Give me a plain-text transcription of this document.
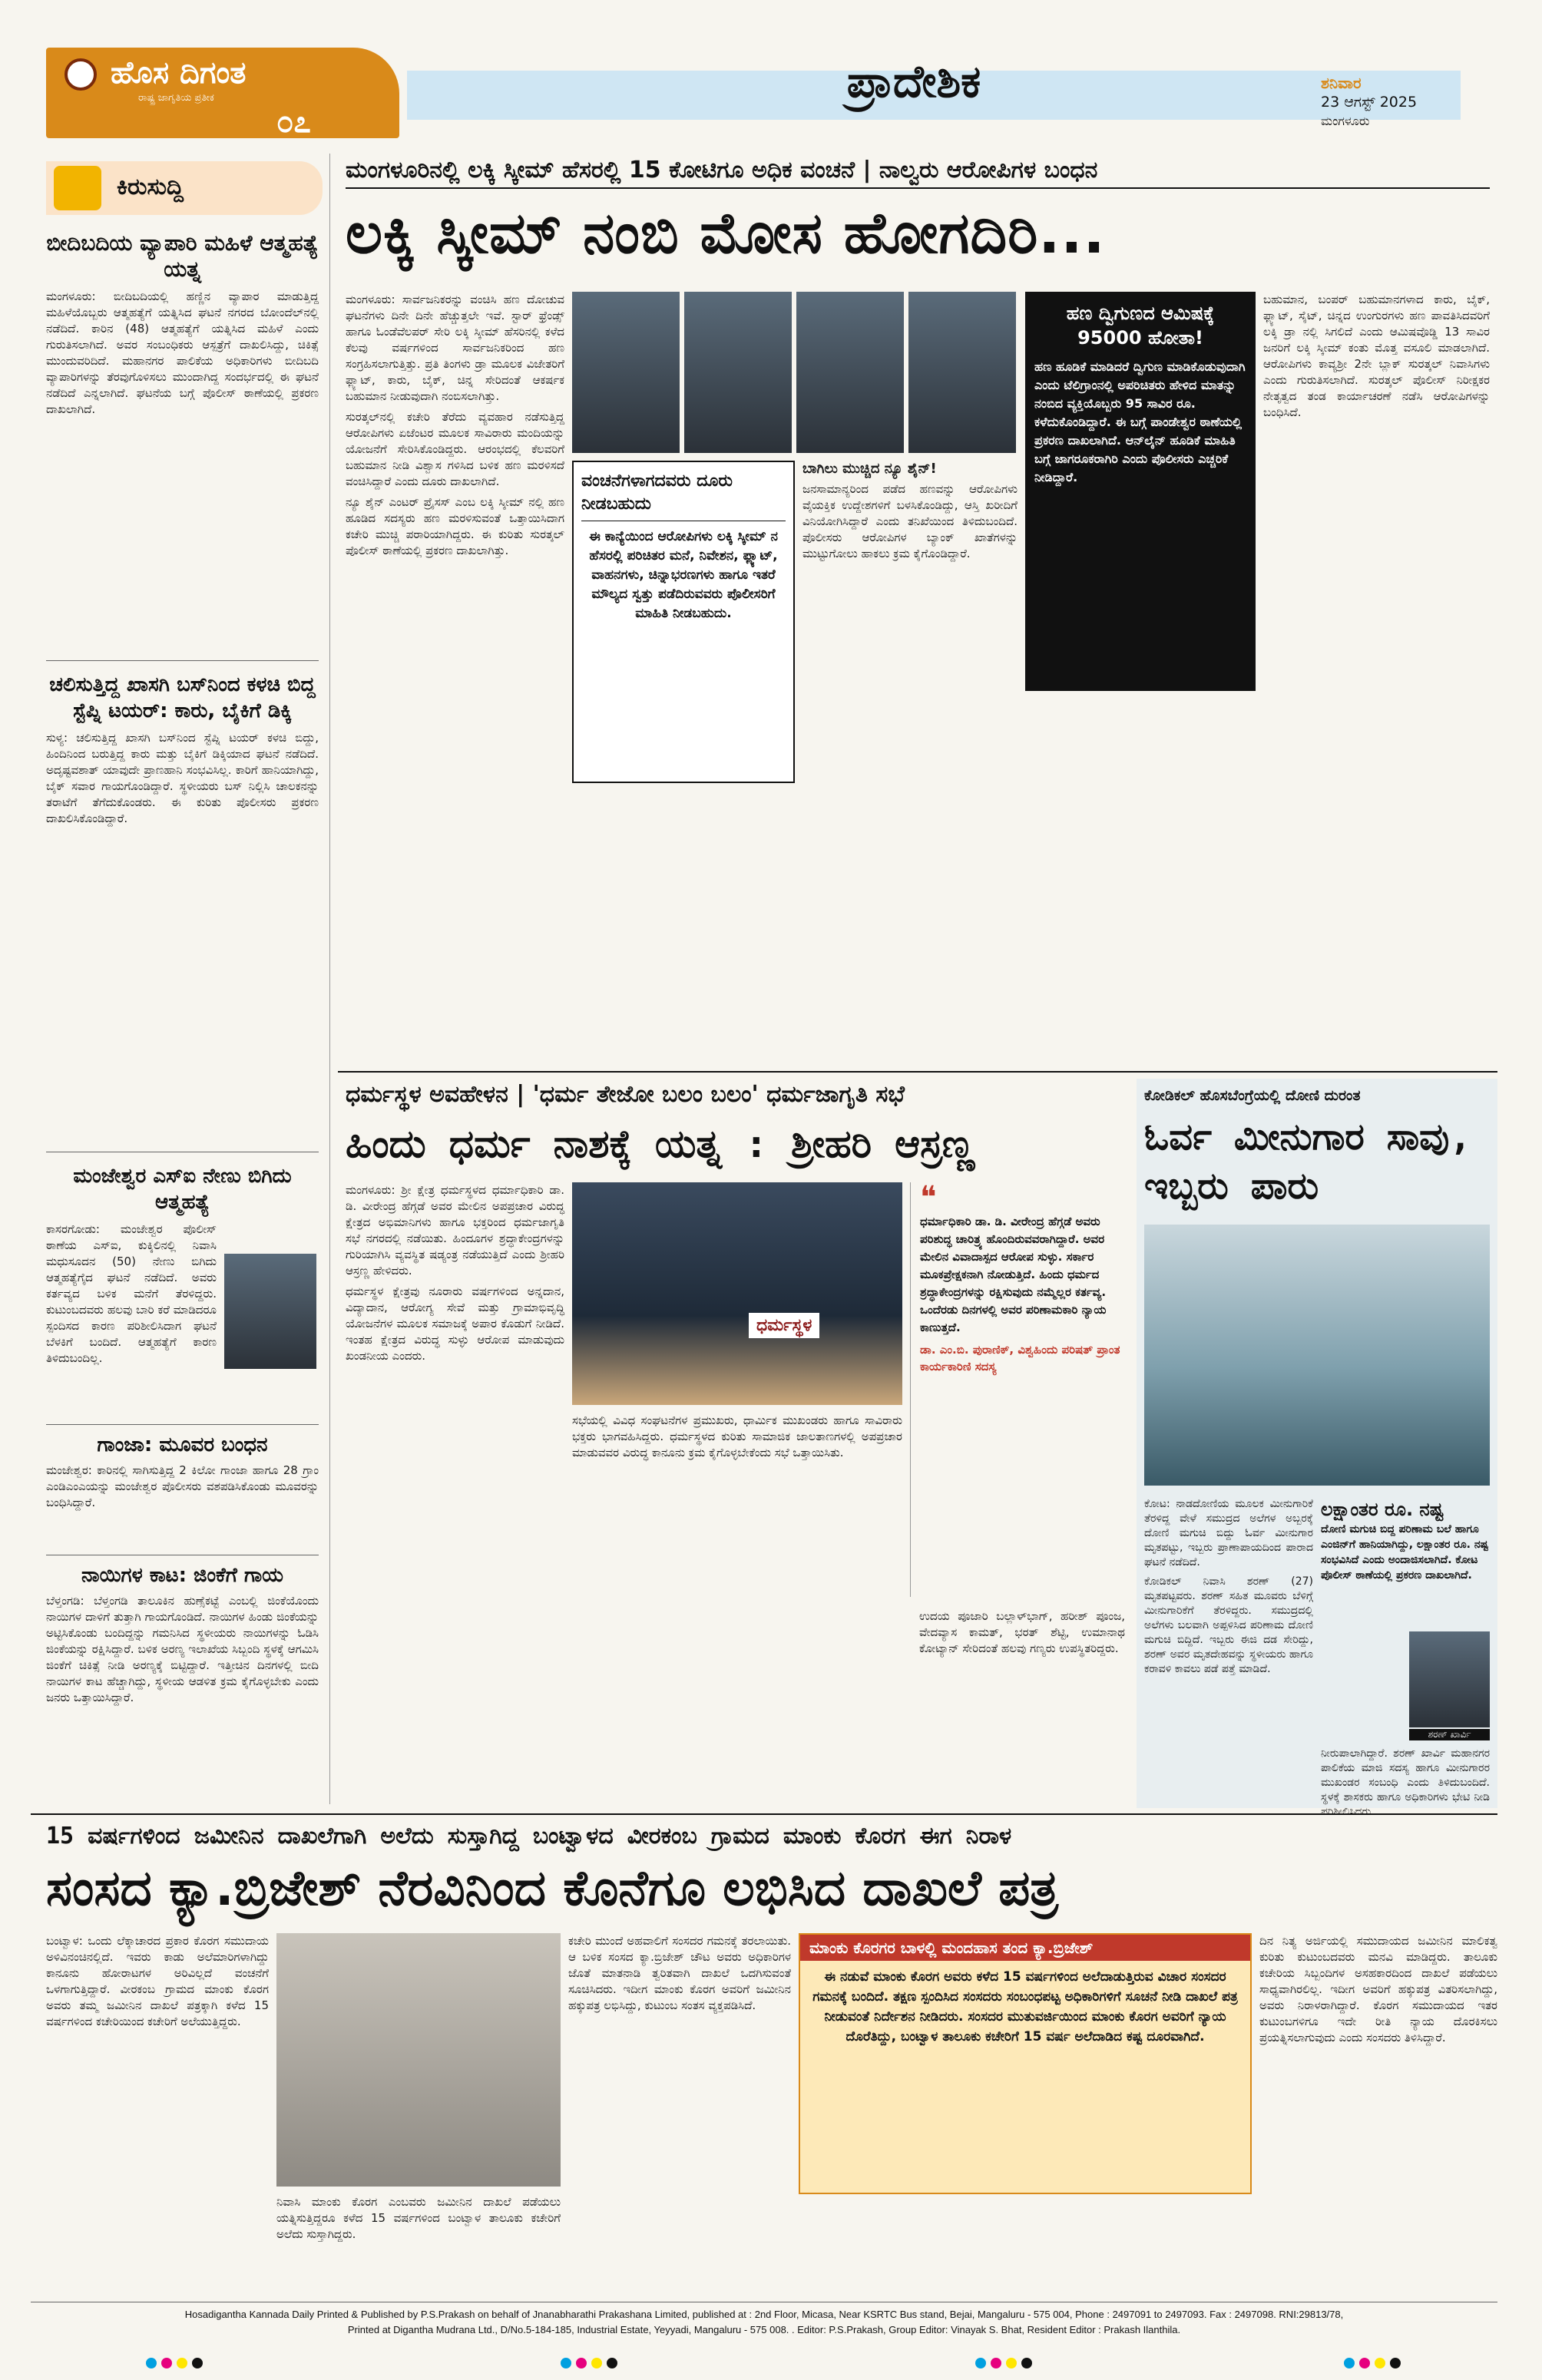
ಹೊಸ ದಿಗಂತ
ರಾಷ್ಟ್ರ ಜಾಗೃತಿಯ ಪ್ರತೀಕ
೦೭
ಪ್ರಾದೇಶಿಕ	ಶನಿವಾರ
23 ಆಗಸ್ಟ್ 2025
ಮಂಗಳೂರು
ಕಿರುಸುದ್ದಿ
ಬೀದಿಬದಿಯ ವ್ಯಾಪಾರಿ ಮಹಿಳೆ ಆತ್ಮಹತ್ಯೆ ಯತ್ನ
ಮಂಗಳೂರು: ಬೀದಿಬದಿಯಲ್ಲಿ ಹಣ್ಣಿನ ವ್ಯಾಪಾರ ಮಾಡುತ್ತಿದ್ದ ಮಹಿಳೆಯೊಬ್ಬರು ಆತ್ಮಹತ್ಯೆಗೆ ಯತ್ನಿಸಿದ ಘಟನೆ ನಗರದ ಬೋಂದೆಲ್‌ನಲ್ಲಿ ನಡೆದಿದೆ. ಕಾರಿನ (48) ಆತ್ಮಹತ್ಯೆಗೆ ಯತ್ನಿಸಿದ ಮಹಿಳೆ ಎಂದು ಗುರುತಿಸಲಾಗಿದೆ. ಅವರ ಸಂಬಂಧಿಕರು ಆಸ್ಪತ್ರೆಗೆ ದಾಖಲಿಸಿದ್ದು, ಚಿಕಿತ್ಸೆ ಮುಂದುವರಿದಿದೆ. ಮಹಾನಗರ ಪಾಲಿಕೆಯ ಅಧಿಕಾರಿಗಳು ಬೀದಿಬದಿ ವ್ಯಾಪಾರಿಗಳನ್ನು ತೆರವುಗೊಳಿಸಲು ಮುಂದಾಗಿದ್ದ ಸಂದರ್ಭದಲ್ಲಿ ಈ ಘಟನೆ ನಡೆದಿದೆ ಎನ್ನಲಾಗಿದೆ. ಘಟನೆಯ ಬಗ್ಗೆ ಪೊಲೀಸ್ ಠಾಣೆಯಲ್ಲಿ ಪ್ರಕರಣ ದಾಖಲಾಗಿದೆ.
ಚಲಿಸುತ್ತಿದ್ದ ಖಾಸಗಿ ಬಸ್‌ನಿಂದ ಕಳಚಿ ಬಿದ್ದ ಸ್ಟೆಪ್ನಿ ಟಯರ್: ಕಾರು, ಬೈಕಿಗೆ ಡಿಕ್ಕಿ
ಸುಳ್ಯ: ಚಲಿಸುತ್ತಿದ್ದ ಖಾಸಗಿ ಬಸ್‌ನಿಂದ ಸ್ಟೆಪ್ನಿ ಟಯರ್ ಕಳಚಿ ಬಿದ್ದು, ಹಿಂದಿನಿಂದ ಬರುತ್ತಿದ್ದ ಕಾರು ಮತ್ತು ಬೈಕಿಗೆ ಡಿಕ್ಕಿಯಾದ ಘಟನೆ ನಡೆದಿದೆ. ಅದೃಷ್ಟವಶಾತ್ ಯಾವುದೇ ಪ್ರಾಣಹಾನಿ ಸಂಭವಿಸಿಲ್ಲ. ಕಾರಿಗೆ ಹಾನಿಯಾಗಿದ್ದು, ಬೈಕ್ ಸವಾರ ಗಾಯಗೊಂಡಿದ್ದಾರೆ. ಸ್ಥಳೀಯರು ಬಸ್ ನಿಲ್ಲಿಸಿ ಚಾಲಕನನ್ನು ತರಾಟೆಗೆ ತೆಗೆದುಕೊಂಡರು. ಈ ಕುರಿತು ಪೊಲೀಸರು ಪ್ರಕರಣ ದಾಖಲಿಸಿಕೊಂಡಿದ್ದಾರೆ.
ಮಂಜೇಶ್ವರ ಎಸ್‌ಐ ನೇಣು ಬಿಗಿದು ಆತ್ಮಹತ್ಯೆ
ಕಾಸರಗೋಡು: ಮಂಜೇಶ್ವರ ಪೊಲೀಸ್ ಠಾಣೆಯ ಎಸ್‌ಐ, ಕುಕ್ಕಿಲಿನಲ್ಲಿ ನಿವಾಸಿ ಮಧುಸೂದನ (50) ನೇಣು ಬಿಗಿದು ಆತ್ಮಹತ್ಯೆಗೈದ ಘಟನೆ ನಡೆದಿದೆ. ಅವರು ಕರ್ತವ್ಯದ ಬಳಿಕ ಮನೆಗೆ ತೆರಳಿದ್ದರು. ಕುಟುಂಬದವರು ಹಲವು ಬಾರಿ ಕರೆ ಮಾಡಿದರೂ ಸ್ಪಂದಿಸದ ಕಾರಣ ಪರಿಶೀಲಿಸಿದಾಗ ಘಟನೆ ಬೆಳಕಿಗೆ ಬಂದಿದೆ. ಆತ್ಮಹತ್ಯೆಗೆ ಕಾರಣ ತಿಳಿದುಬಂದಿಲ್ಲ.
ಗಾಂಜಾ: ಮೂವರ ಬಂಧನ
ಮಂಜೇಶ್ವರ: ಕಾರಿನಲ್ಲಿ ಸಾಗಿಸುತ್ತಿದ್ದ 2 ಕಿಲೋ ಗಾಂಜಾ ಹಾಗೂ 28 ಗ್ರಾಂ ಎಂಡಿಎಂಎಯನ್ನು ಮಂಜೇಶ್ವರ ಪೊಲೀಸರು ವಶಪಡಿಸಿಕೊಂಡು ಮೂವರನ್ನು ಬಂಧಿಸಿದ್ದಾರೆ.
ನಾಯಿಗಳ ಕಾಟ: ಜಿಂಕೆಗೆ ಗಾಯ
ಬೆಳ್ತಂಗಡಿ: ಬೆಳ್ತಂಗಡಿ ತಾಲೂಕಿನ ಹುಣ್ಸೆಕಟ್ಟೆ ಎಂಬಲ್ಲಿ ಜಿಂಕೆಯೊಂದು ನಾಯಿಗಳ ದಾಳಿಗೆ ತುತ್ತಾಗಿ ಗಾಯಗೊಂಡಿದೆ. ನಾಯಿಗಳ ಹಿಂಡು ಜಿಂಕೆಯನ್ನು ಅಟ್ಟಿಸಿಕೊಂಡು ಬಂದಿದ್ದನ್ನು ಗಮನಿಸಿದ ಸ್ಥಳೀಯರು ನಾಯಿಗಳನ್ನು ಓಡಿಸಿ ಜಿಂಕೆಯನ್ನು ರಕ್ಷಿಸಿದ್ದಾರೆ. ಬಳಿಕ ಅರಣ್ಯ ಇಲಾಖೆಯ ಸಿಬ್ಬಂದಿ ಸ್ಥಳಕ್ಕೆ ಆಗಮಿಸಿ ಜಿಂಕೆಗೆ ಚಿಕಿತ್ಸೆ ನೀಡಿ ಅರಣ್ಯಕ್ಕೆ ಬಿಟ್ಟಿದ್ದಾರೆ. ಇತ್ತೀಚಿನ ದಿನಗಳಲ್ಲಿ ಬೀದಿ ನಾಯಿಗಳ ಕಾಟ ಹೆಚ್ಚಾಗಿದ್ದು, ಸ್ಥಳೀಯ ಆಡಳಿತ ಕ್ರಮ ಕೈಗೊಳ್ಳಬೇಕು ಎಂದು ಜನರು ಒತ್ತಾಯಿಸಿದ್ದಾರೆ.
ಮಂಗಳೂರಿನಲ್ಲಿ ಲಕ್ಕಿ ಸ್ಕೀಮ್ ಹೆಸರಲ್ಲಿ 15 ಕೋಟಿಗೂ ಅಧಿಕ ವಂಚನೆ | ನಾಲ್ವರು ಆರೋಪಿಗಳ ಬಂಧನ
ಲಕ್ಕಿ ಸ್ಕೀಮ್ ನಂಬಿ ಮೋಸ ಹೋಗದಿರಿ...

ಮಂಗಳೂರು: ಸಾರ್ವಜನಿಕರನ್ನು ವಂಚಿಸಿ ಹಣ ದೋಚುವ ಘಟನೆಗಳು ದಿನೇ ದಿನೇ ಹೆಚ್ಚುತ್ತಲೇ ಇವೆ. ಸ್ಟಾರ್ ಫ್ರೆಂಡ್ಸ್ ಹಾಗೂ ಓಂಡೆವೆಲಪರ್ ಸೇರಿ ಲಕ್ಕಿ ಸ್ಕೀಮ್ ಹೆಸರಿನಲ್ಲಿ ಕಳೆದ ಕೆಲವು ವರ್ಷಗಳಿಂದ ಸಾರ್ವಜನಿಕರಿಂದ ಹಣ ಸಂಗ್ರಹಿಸಲಾಗುತ್ತಿತ್ತು. ಪ್ರತಿ ತಿಂಗಳು ಡ್ರಾ ಮೂಲಕ ವಿಜೇತರಿಗೆ ಫ್ಲ್ಯಾಟ್, ಕಾರು, ಬೈಕ್, ಚಿನ್ನ ಸೇರಿದಂತೆ ಆಕರ್ಷಕ ಬಹುಮಾನ ನೀಡುವುದಾಗಿ ನಂಬಿಸಲಾಗಿತ್ತು.

ಸುರತ್ಕಲ್‌ನಲ್ಲಿ ಕಚೇರಿ ತೆರೆದು ವ್ಯವಹಾರ ನಡೆಸುತ್ತಿದ್ದ ಆರೋಪಿಗಳು ಏಜೆಂಟರ ಮೂಲಕ ಸಾವಿರಾರು ಮಂದಿಯನ್ನು ಯೋಜನೆಗೆ ಸೇರಿಸಿಕೊಂಡಿದ್ದರು. ಆರಂಭದಲ್ಲಿ ಕೆಲವರಿಗೆ ಬಹುಮಾನ ನೀಡಿ ವಿಶ್ವಾಸ ಗಳಿಸಿದ ಬಳಿಕ ಹಣ ಮರಳಿಸದೆ ವಂಚಿಸಿದ್ದಾರೆ ಎಂದು ದೂರು ದಾಖಲಾಗಿದೆ.

ನ್ಯೂ ಶೈನ್ ಎಂಟರ್ ಪ್ರೈಸಸ್ ಎಂಬ ಲಕ್ಕಿ ಸ್ಕೀಮ್ ನಲ್ಲಿ ಹಣ ಹೂಡಿದ ಸದಸ್ಯರು ಹಣ ಮರಳಿಸುವಂತೆ ಒತ್ತಾಯಿಸಿದಾಗ ಕಚೇರಿ ಮುಚ್ಚಿ ಪರಾರಿಯಾಗಿದ್ದರು. ಈ ಕುರಿತು ಸುರತ್ಕಲ್ ಪೊಲೀಸ್ ಠಾಣೆಯಲ್ಲಿ ಪ್ರಕರಣ ದಾಖಲಾಗಿತ್ತು.

ವಂಚನೆಗಳಾಗದವರು ದೂರು ನೀಡಬಹುದು
ಈ ಕಾನ್ಯೆಯಿಂದ ಆರೋಪಿಗಳು ಲಕ್ಕಿ ಸ್ಕೀಮ್ ನ ಹೆಸರಲ್ಲಿ ಪರಿಚಿತರ ಮನೆ, ನಿವೇಶನ, ಫ್ಲ್ಯಾಟ್, ವಾಹನಗಳು, ಚಿನ್ನಾಭರಣಗಳು ಹಾಗೂ ಇತರೆ ಮೌಲ್ಯದ ಸ್ವತ್ತು ಪಡೆದಿರುವವರು ಪೊಲೀಸರಿಗೆ ಮಾಹಿತಿ ನೀಡಬಹುದು.

ಬಾಗಿಲು ಮುಚ್ಚಿದ ನ್ಯೂ ಶೈನ್!

ಜನಸಾಮಾನ್ಯರಿಂದ ಪಡೆದ ಹಣವನ್ನು ಆರೋಪಿಗಳು ವೈಯಕ್ತಿಕ ಉದ್ದೇಶಗಳಿಗೆ ಬಳಸಿಕೊಂಡಿದ್ದು, ಆಸ್ತಿ ಖರೀದಿಗೆ ವಿನಿಯೋಗಿಸಿದ್ದಾರೆ ಎಂದು ತನಿಖೆಯಿಂದ ತಿಳಿದುಬಂದಿದೆ. ಪೊಲೀಸರು ಆರೋಪಿಗಳ ಬ್ಯಾಂಕ್ ಖಾತೆಗಳನ್ನು ಮುಟ್ಟುಗೋಲು ಹಾಕಲು ಕ್ರಮ ಕೈಗೊಂಡಿದ್ದಾರೆ.

ಹಣ ದ್ವಿಗುಣದ ಆಮಿಷಕ್ಕೆ 95000 ಹೋತಾ!
ಹಣ ಹೂಡಿಕೆ ಮಾಡಿದರೆ ದ್ವಿಗುಣ ಮಾಡಿಕೊಡುವುದಾಗಿ ಎಂದು ಟೆಲಿಗ್ರಾಂನಲ್ಲಿ ಅಪರಿಚಿತರು ಹೇಳಿದ ಮಾತನ್ನು ನಂಬಿದ ವ್ಯಕ್ತಿಯೊಬ್ಬರು 95 ಸಾವಿರ ರೂ. ಕಳೆದುಕೊಂಡಿದ್ದಾರೆ. ಈ ಬಗ್ಗೆ ಪಾಂಡೇಶ್ವರ ಠಾಣೆಯಲ್ಲಿ ಪ್ರಕರಣ ದಾಖಲಾಗಿದೆ. ಆನ್‌ಲೈನ್ ಹೂಡಿಕೆ ಮಾಹಿತಿ ಬಗ್ಗೆ ಜಾಗರೂಕರಾಗಿರಿ ಎಂದು ಪೊಲೀಸರು ಎಚ್ಚರಿಕೆ ನೀಡಿದ್ದಾರೆ.

ಬಹುಮಾನ, ಬಂಪರ್ ಬಹುಮಾನಗಳಾದ ಕಾರು, ಬೈಕ್, ಫ್ಲ್ಯಾಟ್, ಸೈಟ್, ಚಿನ್ನದ ಉಂಗುರಗಳು ಹಣ ಪಾವತಿಸಿದವರಿಗೆ ಲಕ್ಕಿ ಡ್ರಾ ನಲ್ಲಿ ಸಿಗಲಿದೆ ಎಂದು ಆಮಿಷವೊಡ್ಡಿ 13 ಸಾವಿರ ಜನರಿಗೆ ಲಕ್ಕಿ ಸ್ಕೀಮ್ ಕಂತು ಮೊತ್ತ ವಸೂಲಿ ಮಾಡಲಾಗಿದೆ. ಆರೋಪಿಗಳು ಕಾವ್ಯಶ್ರೀ 2ನೇ ಬ್ಲಾಕ್ ಸುರತ್ಕಲ್ ನಿವಾಸಿಗಳು ಎಂದು ಗುರುತಿಸಲಾಗಿದೆ. ಸುರತ್ಕಲ್ ಪೊಲೀಸ್ ನಿರೀಕ್ಷಕರ ನೇತೃತ್ವದ ತಂಡ ಕಾರ್ಯಾಚರಣೆ ನಡೆಸಿ ಆರೋಪಿಗಳನ್ನು ಬಂಧಿಸಿದೆ.

ಧರ್ಮಸ್ಥಳ ಅವಹೇಳನ | 'ಧರ್ಮ ತೇಜೋ ಬಲಂ ಬಲಂ' ಧರ್ಮಜಾಗೃತಿ ಸಭೆ
ಹಿಂದು ಧರ್ಮ ನಾಶಕ್ಕೆ ಯತ್ನ : ಶ್ರೀಹರಿ ಆಸ್ರಣ್ಣ

ಮಂಗಳೂರು: ಶ್ರೀ ಕ್ಷೇತ್ರ ಧರ್ಮಸ್ಥಳದ ಧರ್ಮಾಧಿಕಾರಿ ಡಾ. ಡಿ. ವೀರೇಂದ್ರ ಹೆಗ್ಗಡೆ ಅವರ ಮೇಲಿನ ಅಪಪ್ರಚಾರ ವಿರುದ್ಧ ಕ್ಷೇತ್ರದ ಅಭಿಮಾನಿಗಳು ಹಾಗೂ ಭಕ್ತರಿಂದ ಧರ್ಮಜಾಗೃತಿ ಸಭೆ ನಗರದಲ್ಲಿ ನಡೆಯಿತು. ಹಿಂದೂಗಳ ಶ್ರದ್ಧಾಕೇಂದ್ರಗಳನ್ನು ಗುರಿಯಾಗಿಸಿ ವ್ಯವಸ್ಥಿತ ಷಡ್ಯಂತ್ರ ನಡೆಯುತ್ತಿದೆ ಎಂದು ಶ್ರೀಹರಿ ಆಸ್ರಣ್ಣ ಹೇಳಿದರು.

ಧರ್ಮಸ್ಥಳ ಕ್ಷೇತ್ರವು ನೂರಾರು ವರ್ಷಗಳಿಂದ ಅನ್ನದಾನ, ವಿದ್ಯಾದಾನ, ಆರೋಗ್ಯ ಸೇವೆ ಮತ್ತು ಗ್ರಾಮಾಭಿವೃದ್ಧಿ ಯೋಜನೆಗಳ ಮೂಲಕ ಸಮಾಜಕ್ಕೆ ಅಪಾರ ಕೊಡುಗೆ ನೀಡಿದೆ. ಇಂತಹ ಕ್ಷೇತ್ರದ ವಿರುದ್ಧ ಸುಳ್ಳು ಆರೋಪ ಮಾಡುವುದು ಖಂಡನೀಯ ಎಂದರು.

ಧರ್ಮಸ್ಥಳ
❝
ಧರ್ಮಾಧಿಕಾರಿ ಡಾ. ಡಿ. ವೀರೇಂದ್ರ ಹೆಗ್ಗಡೆ ಅವರು ಪರಿಶುದ್ಧ ಚಾರಿತ್ರ್ಯ ಹೊಂದಿರುವವರಾಗಿದ್ದಾರೆ. ಅವರ ಮೇಲಿನ ವಿವಾದಾಸ್ಪದ ಆರೋಪ ಸುಳ್ಳು. ಸರ್ಕಾರ ಮೂಕಪ್ರೇಕ್ಷಕನಾಗಿ ನೋಡುತ್ತಿದೆ. ಹಿಂದು ಧರ್ಮದ ಶ್ರದ್ಧಾಕೇಂದ್ರಗಳನ್ನು ರಕ್ಷಿಸುವುದು ನಮ್ಮೆಲ್ಲರ ಕರ್ತವ್ಯ. ಒಂದೆರಡು ದಿನಗಳಲ್ಲಿ ಅವರ ಪರಿಣಾಮಕಾರಿ ನ್ಯಾಯ ಕಾಣುತ್ತದೆ.
ಡಾ. ಎಂ.ಬಿ. ಪುರಾಣಿಕ್, ವಿಶ್ವಹಿಂದು ಪರಿಷತ್ ಪ್ರಾಂತ ಕಾರ್ಯಕಾರಿಣಿ ಸದಸ್ಯ

ಸಭೆಯಲ್ಲಿ ವಿವಿಧ ಸಂಘಟನೆಗಳ ಪ್ರಮುಖರು, ಧಾರ್ಮಿಕ ಮುಖಂಡರು ಹಾಗೂ ಸಾವಿರಾರು ಭಕ್ತರು ಭಾಗವಹಿಸಿದ್ದರು. ಧರ್ಮಸ್ಥಳದ ಕುರಿತು ಸಾಮಾಜಿಕ ಜಾಲತಾಣಗಳಲ್ಲಿ ಅಪಪ್ರಚಾರ ಮಾಡುವವರ ವಿರುದ್ಧ ಕಾನೂನು ಕ್ರಮ ಕೈಗೊಳ್ಳಬೇಕೆಂದು ಸಭೆ ಒತ್ತಾಯಿಸಿತು.

ಉದಯ ಪೂಜಾರಿ ಬಲ್ಲಾಳ್‌ಭಾಗ್, ಹರೀಶ್ ಪೂಂಜ, ವೇದವ್ಯಾಸ ಕಾಮತ್, ಭರತ್ ಶೆಟ್ಟಿ, ಉಮಾನಾಥ ಕೋಟ್ಯಾನ್ ಸೇರಿದಂತೆ ಹಲವು ಗಣ್ಯರು ಉಪಸ್ಥಿತರಿದ್ದರು.

ಕೋಡಿಕಲ್ ಹೊಸಬೆಂಗ್ರೆಯಲ್ಲಿ ದೋಣಿ ದುರಂತ
ಓರ್ವ ಮೀನುಗಾರ ಸಾವು, ಇಬ್ಬರು ಪಾರು

ಕೋಟ: ನಾಡದೋಣಿಯ ಮೂಲಕ ಮೀನುಗಾರಿಕೆ ತೆರಳಿದ್ದ ವೇಳೆ ಸಮುದ್ರದ ಅಲೆಗಳ ಅಬ್ಬರಕ್ಕೆ ದೋಣಿ ಮಗುಚಿ ಬಿದ್ದು ಓರ್ವ ಮೀನುಗಾರ ಮೃತಪಟ್ಟು, ಇಬ್ಬರು ಪ್ರಾಣಾಪಾಯದಿಂದ ಪಾರಾದ ಘಟನೆ ನಡೆದಿದೆ.

ಕೋಡಿಕಲ್ ನಿವಾಸಿ ಶರಣ್ (27) ಮೃತಪಟ್ಟವರು. ಶರಣ್ ಸಹಿತ ಮೂವರು ಬೆಳಿಗ್ಗೆ ಮೀನುಗಾರಿಕೆಗೆ ತೆರಳಿದ್ದರು. ಸಮುದ್ರದಲ್ಲಿ ಅಲೆಗಳು ಬಲವಾಗಿ ಅಪ್ಪಳಿಸಿದ ಪರಿಣಾಮ ದೋಣಿ ಮಗುಚಿ ಬಿದ್ದಿದೆ. ಇಬ್ಬರು ಈಜಿ ದಡ ಸೇರಿದ್ದು, ಶರಣ್ ಅವರ ಮೃತದೇಹವನ್ನು ಸ್ಥಳೀಯರು ಹಾಗೂ ಕರಾವಳಿ ಕಾವಲು ಪಡೆ ಪತ್ತೆ ಮಾಡಿದೆ.

ಲಕ್ಷಾಂತರ ರೂ. ನಷ್ಟ
ದೋಣಿ ಮಗುಚಿ ಬಿದ್ದ ಪರಿಣಾಮ ಬಲೆ ಹಾಗೂ ಎಂಜಿನ್‌ಗೆ ಹಾನಿಯಾಗಿದ್ದು, ಲಕ್ಷಾಂತರ ರೂ. ನಷ್ಟ ಸಂಭವಿಸಿದೆ ಎಂದು ಅಂದಾಜಿಸಲಾಗಿದೆ. ಕೋಟ ಪೊಲೀಸ್ ಠಾಣೆಯಲ್ಲಿ ಪ್ರಕರಣ ದಾಖಲಾಗಿದೆ.
ಶರಣ್ ಖಾರ್ವಿ
ನೀರುಪಾಲಾಗಿದ್ದಾರೆ. ಶರಣ್ ಖಾರ್ವಿ ಮಹಾನಗರ ಪಾಲಿಕೆಯ ಮಾಜಿ ಸದಸ್ಯ ಹಾಗೂ ಮೀನುಗಾರರ ಮುಖಂಡರ ಸಂಬಂಧಿ ಎಂದು ತಿಳಿದುಬಂದಿದೆ. ಸ್ಥಳಕ್ಕೆ ಶಾಸಕರು ಹಾಗೂ ಅಧಿಕಾರಿಗಳು ಭೇಟಿ ನೀಡಿ ಪರಿಶೀಲಿಸಿದರು.
15 ವರ್ಷಗಳಿಂದ ಜಮೀನಿನ ದಾಖಲೆಗಾಗಿ ಅಲೆದು ಸುಸ್ತಾಗಿದ್ದ ಬಂಟ್ವಾಳದ ವೀರಕಂಬ ಗ್ರಾಮದ ಮಾಂಕು ಕೊರಗ ಈಗ ನಿರಾಳ
ಸಂಸದ ಕ್ಯಾ.ಬ್ರಿಜೇಶ್ ನೆರವಿನಿಂದ ಕೊನೆಗೂ ಲಭಿಸಿದ ದಾಖಲೆ ಪತ್ರ
ಬಂಟ್ವಾಳ: ಒಂದು ಲೆಕ್ಕಾಚಾರದ ಪ್ರಕಾರ ಕೊರಗ ಸಮುದಾಯ ಅಳಿವಿನಂಚಿನಲ್ಲಿದೆ. ಇವರು ಕಾಡು ಅಲೆಮಾರಿಗಳಾಗಿದ್ದು ಕಾನೂನು ಹೋರಾಟಗಳ ಅರಿವಿಲ್ಲದೆ ವಂಚನೆಗೆ ಒಳಗಾಗುತ್ತಿದ್ದಾರೆ. ವೀರಕಂಬ ಗ್ರಾಮದ ಮಾಂಕು ಕೊರಗ ಅವರು ತಮ್ಮ ಜಮೀನಿನ ದಾಖಲೆ ಪತ್ರಕ್ಕಾಗಿ ಕಳೆದ 15 ವರ್ಷಗಳಿಂದ ಕಚೇರಿಯಿಂದ ಕಚೇರಿಗೆ ಅಲೆಯುತ್ತಿದ್ದರು.
ನಿವಾಸಿ ಮಾಂಕು ಕೊರಗ ಎಂಬವರು ಜಮೀನಿನ ದಾಖಲೆ ಪಡೆಯಲು ಯತ್ನಿಸುತ್ತಿದ್ದರೂ ಕಳೆದ 15 ವರ್ಷಗಳಿಂದ ಬಂಟ್ವಾಳ ತಾಲೂಕು ಕಚೇರಿಗೆ ಅಲೆದು ಸುಸ್ತಾಗಿದ್ದರು.
ಕಚೇರಿ ಮುಂದೆ ಅಹವಾಲಿಗೆ ಸಂಸದರ ಗಮನಕ್ಕೆ ತರಲಾಯಿತು. ಆ ಬಳಿಕ ಸಂಸದ ಕ್ಯಾ.ಬ್ರಿಜೇಶ್ ಚೌಟ ಅವರು ಅಧಿಕಾರಿಗಳ ಜೊತೆ ಮಾತನಾಡಿ ತ್ವರಿತವಾಗಿ ದಾಖಲೆ ಒದಗಿಸುವಂತೆ ಸೂಚಿಸಿದರು. ಇದೀಗ ಮಾಂಕು ಕೊರಗ ಅವರಿಗೆ ಜಮೀನಿನ ಹಕ್ಕುಪತ್ರ ಲಭಿಸಿದ್ದು, ಕುಟುಂಬ ಸಂತಸ ವ್ಯಕ್ತಪಡಿಸಿದೆ.
ಮಾಂಕು ಕೊರಗರ ಬಾಳಲ್ಲಿ ಮಂದಹಾಸ ತಂದ ಕ್ಯಾ.ಬ್ರಿಜೇಶ್
ಈ ನಡುವೆ ಮಾಂಕು ಕೊರಗ ಅವರು ಕಳೆದ 15 ವರ್ಷಗಳಿಂದ ಅಲೆದಾಡುತ್ತಿರುವ ವಿಚಾರ ಸಂಸದರ ಗಮನಕ್ಕೆ ಬಂದಿದೆ. ತಕ್ಷಣ ಸ್ಪಂದಿಸಿದ ಸಂಸದರು ಸಂಬಂಧಪಟ್ಟ ಅಧಿಕಾರಿಗಳಿಗೆ ಸೂಚನೆ ನೀಡಿ ದಾಖಲೆ ಪತ್ರ ನೀಡುವಂತೆ ನಿರ್ದೇಶನ ನೀಡಿದರು. ಸಂಸದರ ಮುತುವರ್ಜಿಯಿಂದ ಮಾಂಕು ಕೊರಗ ಅವರಿಗೆ ನ್ಯಾಯ ದೊರೆತಿದ್ದು, ಬಂಟ್ವಾಳ ತಾಲೂಕು ಕಚೇರಿಗೆ 15 ವರ್ಷ ಅಲೆದಾಡಿದ ಕಷ್ಟ ದೂರವಾಗಿದೆ.
ದಿನ ನಿತ್ಯ ಅರ್ಜಿಯಲ್ಲಿ ಸಮುದಾಯದ ಜಮೀನಿನ ಮಾಲಿಕತ್ವ ಕುರಿತು ಕುಟುಂಬದವರು ಮನವಿ ಮಾಡಿದ್ದರು. ತಾಲೂಕು ಕಚೇರಿಯ ಸಿಬ್ಬಂದಿಗಳ ಅಸಹಕಾರದಿಂದ ದಾಖಲೆ ಪಡೆಯಲು ಸಾಧ್ಯವಾಗಿರಲಿಲ್ಲ. ಇದೀಗ ಅವರಿಗೆ ಹಕ್ಕುಪತ್ರ ವಿತರಿಸಲಾಗಿದ್ದು, ಅವರು ನಿರಾಳರಾಗಿದ್ದಾರೆ. ಕೊರಗ ಸಮುದಾಯದ ಇತರ ಕುಟುಂಬಗಳಿಗೂ ಇದೇ ರೀತಿ ನ್ಯಾಯ ದೊರಕಿಸಲು ಪ್ರಯತ್ನಿಸಲಾಗುವುದು ಎಂದು ಸಂಸದರು ತಿಳಿಸಿದ್ದಾರೆ.
Hosadigantha Kannada Daily Printed & Published by P.S.Prakash on behalf of Jnanabharathi Prakashana Limited, published at : 2nd Floor, Micasa, Near KSRTC Bus stand, Bejai, Mangaluru - 575 004, Phone : 2497091 to 2497093. Fax : 2497098. RNI:29813/78,
Printed at Digantha Mudrana Ltd., D/No.5-184-185, Industrial Estate, Yeyyadi, Mangaluru - 575 008. . Editor: P.S.Prakash, Group Editor: Vinayak S. Bhat, Resident Editor : Prakash Ilanthila.
